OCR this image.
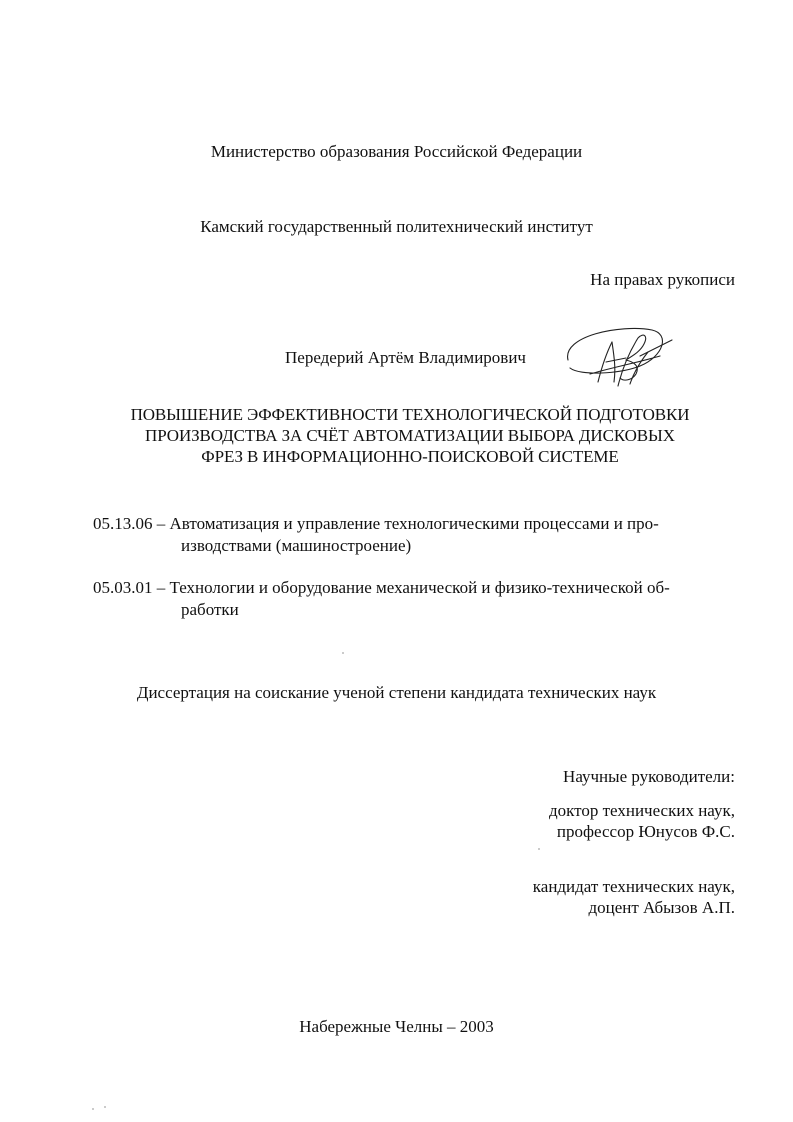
Министерство образования Российской Федерации
Камский государственный политехнический институт
На правах рукописи
Передерий Артём Владимирович
ПОВЫШЕНИЕ ЭФФЕКТИВНОСТИ ТЕХНОЛОГИЧЕСКОЙ ПОДГОТОВКИ
ПРОИЗВОДСТВА ЗА СЧЁТ АВТОМАТИЗАЦИИ ВЫБОРА ДИСКОВЫХ
ФРЕЗ В ИНФОРМАЦИОННО-ПОИСКОВОЙ СИСТЕМЕ
05.13.06 – Автоматизация и управление технологическими процессами и про-
изводствами (машиностроение)
05.03.01 – Технологии и оборудование механической и физико-технической об-
работки
Диссертация на соискание ученой степени кандидата технических наук
Научные руководители:
доктор технических наук,
профессор Юнусов Ф.С.
кандидат технических наук,
доцент Абызов А.П.
Набережные Челны – 2003
